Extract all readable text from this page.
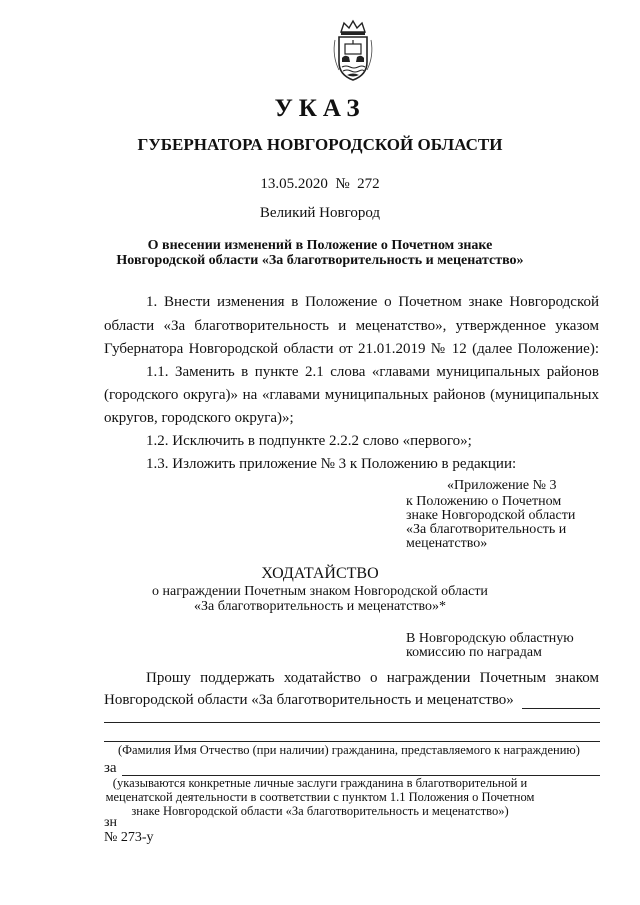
УКАЗ
ГУБЕРНАТОРА НОВГОРОДСКОЙ ОБЛАСТИ
13.05.2020 № 272
Великий Новгород
О внесении изменений в Положение о Почетном знаке
Новгородской области «За благотворительность и меценатство»
1. Внести изменения в Положение о Почетном знаке Новгородской
области «За благотворительность и меценатство», утвержденное указом
Губернатора Новгородской области от 21.01.2019 № 12 (далее Положение):
1.1. Заменить в пункте 2.1 слова «главами муниципальных районов
(городского округа)» на «главами муниципальных районов (муниципальных
округов, городского округа)»;
1.2. Исключить в подпункте 2.2.2 слово «первого»;
1.3. Изложить приложение № 3 к Положению в редакции:
«Приложение № 3
к Положению о Почетном
знаке Новгородской области
«За благотворительность и
меценатство»
ХОДАТАЙСТВО
о награждении Почетным знаком Новгородской области
«За благотворительность и меценатство»*
В Новгородскую областную
комиссию по наградам
Прошу поддержать ходатайство о награждении Почетным знаком
Новгородской области «За благотворительность и меценатство»
(Фамилия Имя Отчество (при наличии) гражданина, представляемого к награждению)
за
(указываются конкретные личные заслуги гражданина в благотворительной и
меценатской деятельности в соответствии с пунктом 1.1 Положения о Почетном
знаке Новгородской области «За благотворительность и меценатство»)
зн
№ 273-у
